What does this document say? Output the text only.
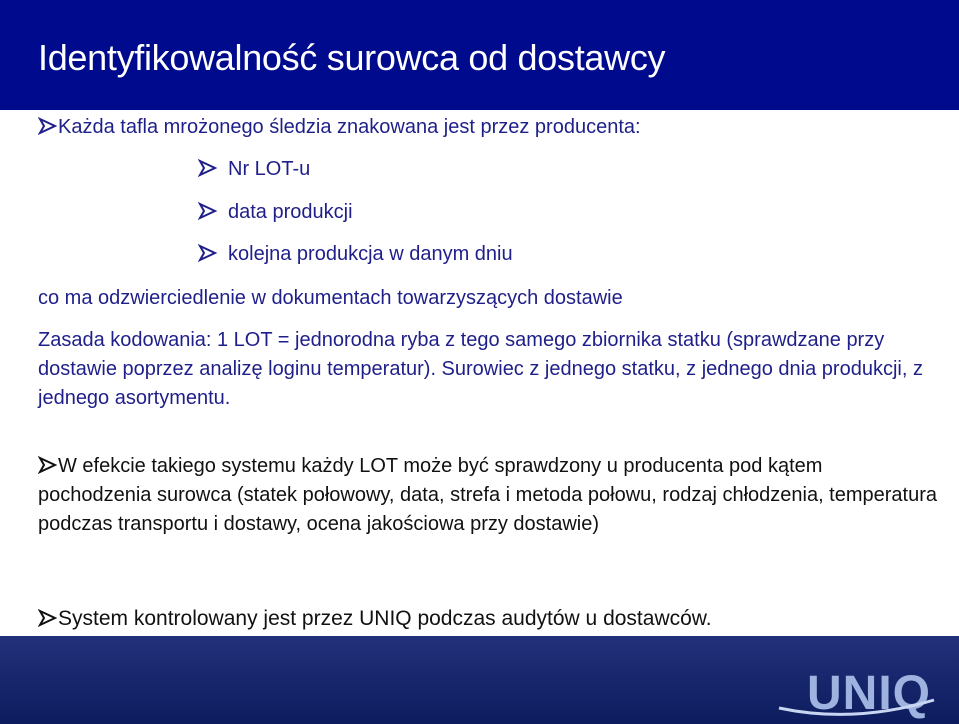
Identyfikowalność surowca od dostawcy
Każda tafla mrożonego śledzia znakowana jest przez producenta:
Nr LOT-u
data produkcji
kolejna produkcja w danym dniu
co ma odzwierciedlenie w dokumentach towarzyszących dostawie
Zasada kodowania: 1 LOT = jednorodna ryba z tego samego zbiornika statku (sprawdzane przy dostawie poprzez analizę loginu temperatur). Surowiec z jednego statku, z jednego dnia produkcji, z jednego asortymentu.
W efekcie takiego systemu każdy LOT może być sprawdzony u producenta pod kątem pochodzenia surowca (statek połowowy, data, strefa i metoda połowu, rodzaj chłodzenia, temperatura podczas transportu i dostawy, ocena jakościowa przy dostawie)
System kontrolowany jest przez UNIQ podczas audytów u dostawców.
UNIQ
